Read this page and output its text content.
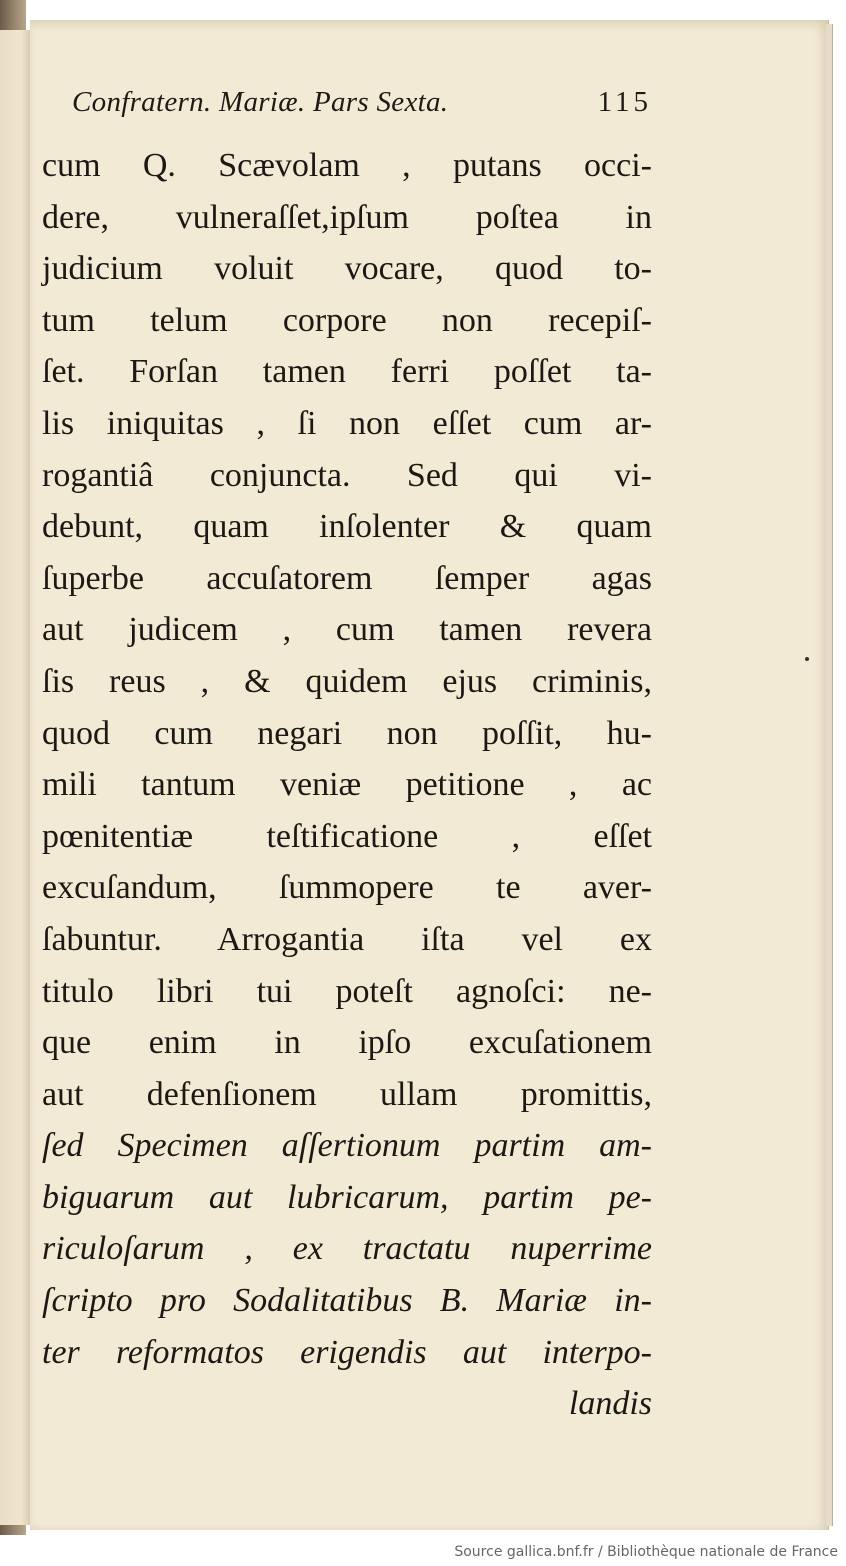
Confratern. Mariæ. Pars Sexta.	115
cum Q. Scævolam , putans occi-
dere, vulneraſſet,ipſum poſtea in
judicium voluit vocare, quod to-
tum telum corpore non recepiſ-
ſet. Forſan tamen ferri poſſet ta-
lis iniquitas , ſi non eſſet cum ar-
rogantiâ conjuncta. Sed qui vi-
debunt, quam inſolenter & quam
ſuperbe accuſatorem ſemper agas
aut judicem , cum tamen revera
ſis reus , & quidem ejus criminis,
quod cum negari non poſſit, hu-
mili tantum veniæ petitione , ac
pœnitentiæ teſtificatione , eſſet
excuſandum, ſummopere te aver-
ſabuntur. Arrogantia iſta vel ex
titulo libri tui poteſt agnoſci: ne-
que enim in ipſo excuſationem
aut defenſionem ullam promittis,
ſed Specimen aſſertionum partim am-
biguarum aut lubricarum, partim pe-
riculoſarum , ex tractatu nuperrime
ſcripto pro Sodalitatibus B. Mariæ in-
ter reformatos erigendis aut interpo-
landis
Source gallica.bnf.fr / Bibliothèque nationale de France
